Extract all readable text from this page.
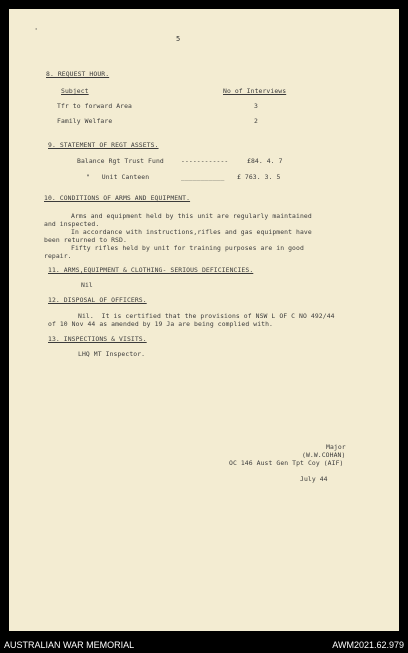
'
5
8. REQUEST HOUR.
Subject	No of Interviews
Tfr to forward Area	3
Family Welfare	2
9. STATEMENT OF REGT ASSETS.
Balance Rgt Trust Fund	------------	£84. 4. 7
"   Unit Canteen	___________ £ 763. 3. 5
10. CONDITIONS OF ARMS AND EQUIPMENT.
Arms and equipment held by this unit are regularly maintained
and inspected.
In accordance with instructions,rifles and gas equipment have
been returned to RSD.
Fifty rifles held by unit for training purposes are in good
repair.
11. ARMS,EQUIPMENT & CLOTHING- SERIOUS DEFICIENCIES.
Nil
12. DISPOSAL OF OFFICERS.
Nil.  It is certified that the provisions of NSW L OF C NO 492/44
of 10 Nov 44 as amended by 19 Ja are being complied with.
13. INSPECTIONS & VISITS.
LHQ MT Inspector.
Major
(W.W.COHAN)
OC 146 Aust Gen Tpt Coy (AIF)
July 44
AUSTRALIAN WAR MEMORIAL	AWM2021.62.979
